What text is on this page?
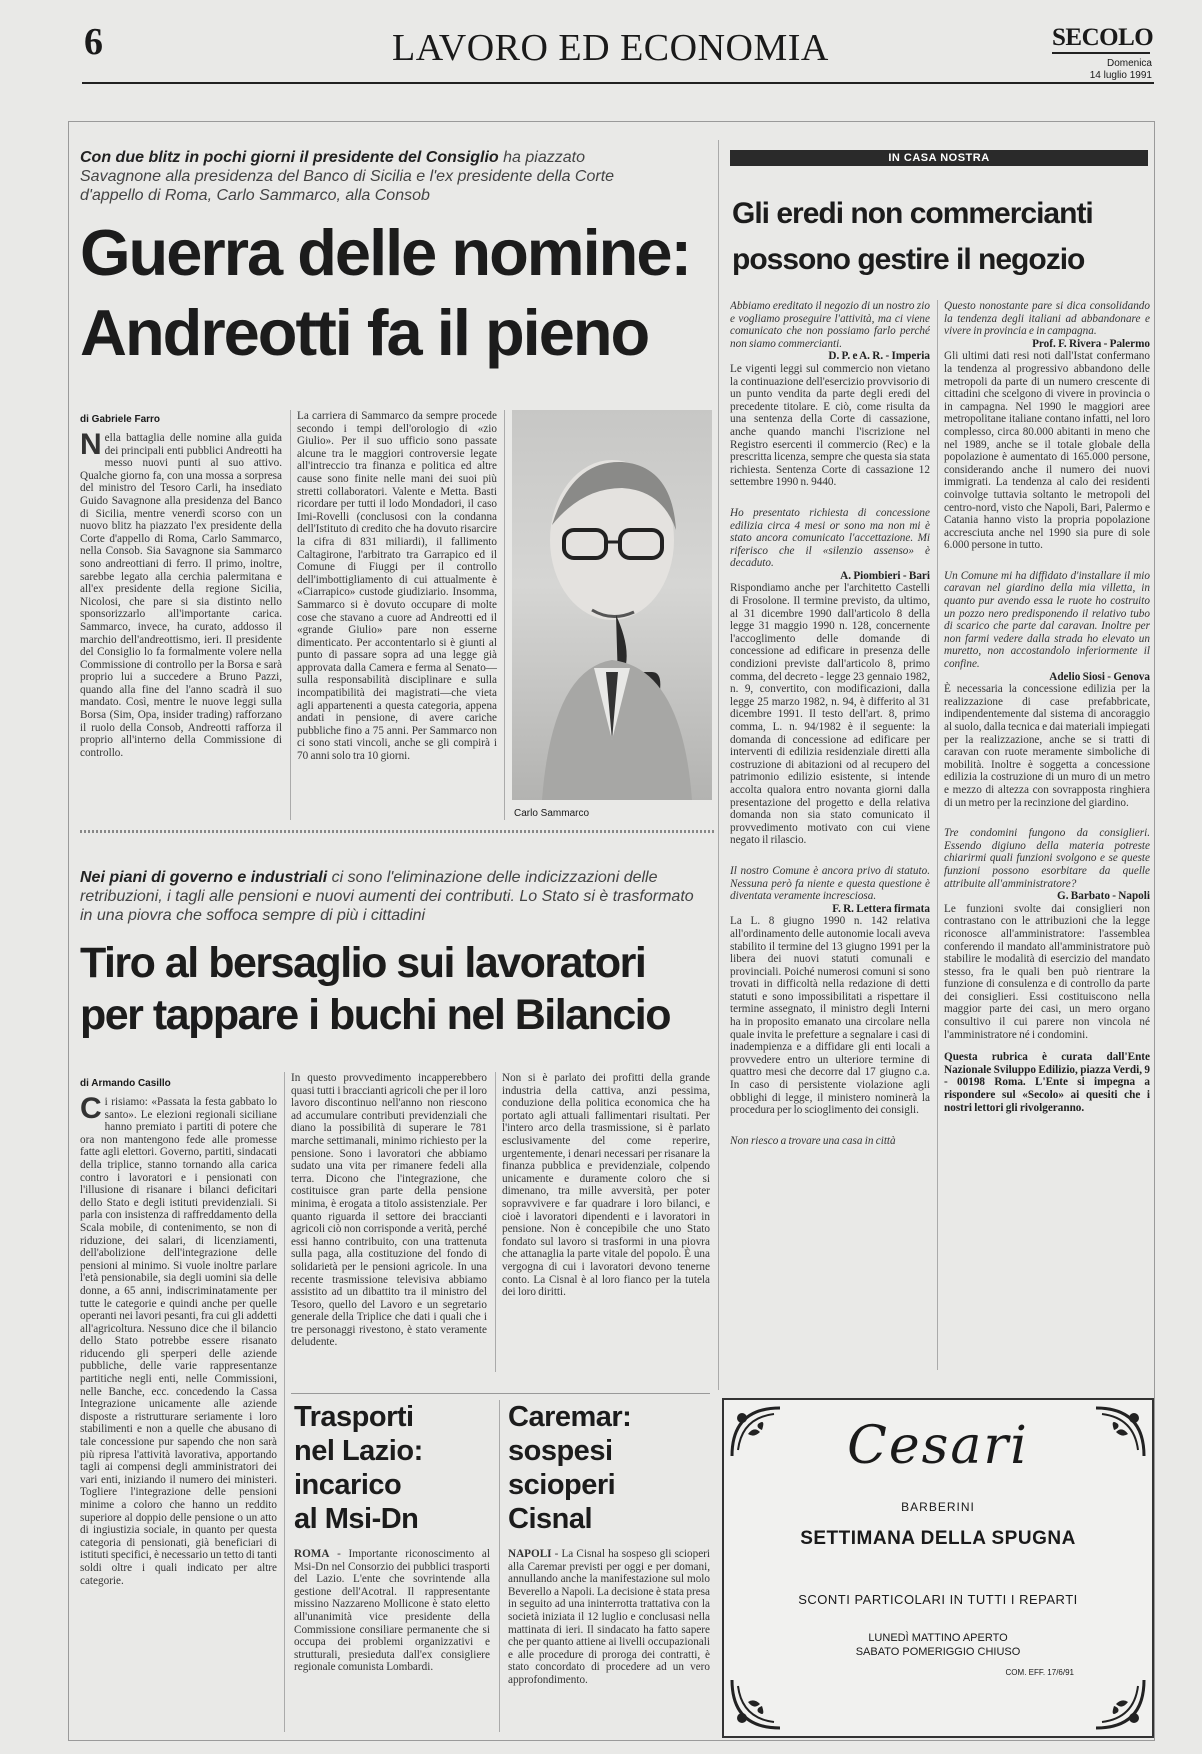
6	LAVORO ED ECONOMIA	SECOLO
Domenica
14 luglio 1991
Con due blitz in pochi giorni il presidente del Consiglio ha piazzato Savagnone alla presidenza del Banco di Sicilia e l'ex presidente della Corte d'appello di Roma, Carlo Sammarco, alla Consob
Guerra delle nomine:
Andreotti fa il pieno
di Gabriele Farro
Nella battaglia delle nomine alla guida dei principali enti pubblici Andreotti ha messo nuovi punti al suo attivo. Qualche giorno fa, con una mossa a sorpresa del ministro del Tesoro Carli, ha insediato Guido Savagnone alla presidenza del Banco di Sicilia, mentre venerdì scorso con un nuovo blitz ha piazzato l'ex presidente della Corte d'appello di Roma, Carlo Sammarco, nella Consob. Sia Savagnone sia Sammarco sono andreottiani di ferro. Il primo, inoltre, sarebbe legato alla cerchia palermitana e all'ex presidente della regione Sicilia, Nicolosi, che pare si sia distinto nello sponsorizzarlo all'importante carica. Sammarco, invece, ha curato, addosso il marchio dell'andreottismo, ieri. Il presidente del Consiglio lo fa formalmente volere nella Commissione di controllo per la Borsa e sarà proprio lui a succedere a Bruno Pazzi, quando alla fine del l'anno scadrà il suo mandato. Così, mentre le nuove leggi sulla Borsa (Sim, Opa, insider trading) rafforzano il ruolo della Consob, Andreotti rafforza il proprio all'interno della Commissione di controllo.
La carriera di Sammarco da sempre procede secondo i tempi dell'orologio di «zio Giulio». Per il suo ufficio sono passate alcune tra le maggiori controversie legate all'intreccio tra finanza e politica ed altre cause sono finite nelle mani dei suoi più stretti collaboratori. Valente e Metta. Basti ricordare per tutti il lodo Mondadori, il caso Imi-Rovelli (conclusosi con la condanna dell'Istituto di credito che ha dovuto risarcire la cifra di 831 miliardi), il fallimento Caltagirone, l'arbitrato tra Garrapico ed il Comune di Fiuggi per il controllo dell'imbottigliamento di cui attualmente è «Ciarrapico» custode giudiziario. Insomma, Sammarco si è dovuto occupare di molte cose che stavano a cuore ad Andreotti ed il «grande Giulio» pare non esserne dimenticato. Per accontentarlo si è giunti al punto di passare sopra ad una legge già approvata dalla Camera e ferma al Senato—sulla responsabilità disciplinare e sulla incompatibilità dei magistrati—che vieta agli appartenenti a questa categoria, appena andati in pensione, di avere cariche pubbliche fino a 75 anni. Per Sammarco non ci sono stati vincoli, anche se gli compirà i 70 anni solo tra 10 giorni.
Carlo Sammarco
Nei piani di governo e industriali ci sono l'eliminazione delle indicizzazioni delle retribuzioni, i tagli alle pensioni e nuovi aumenti dei contributi. Lo Stato si è trasformato in una piovra che soffoca sempre di più i cittadini
Tiro al bersaglio sui lavoratori
per tappare i buchi nel Bilancio
di Armando Casillo
Ci risiamo: «Passata la festa gabbato lo santo». Le elezioni regionali siciliane hanno premiato i partiti di potere che ora non mantengono fede alle promesse fatte agli elettori. Governo, partiti, sindacati della triplice, stanno tornando alla carica contro i lavoratori e i pensionati con l'illusione di risanare i bilanci deficitari dello Stato e degli istituti previdenziali. Si parla con insistenza di raffreddamento della Scala mobile, di contenimento, se non di riduzione, dei salari, di licenziamenti, dell'abolizione dell'integrazione delle pensioni al minimo. Si vuole inoltre parlare l'età pensionabile, sia degli uomini sia delle donne, a 65 anni, indiscriminatamente per tutte le categorie e quindi anche per quelle operanti nei lavori pesanti, fra cui gli addetti all'agricoltura. Nessuno dice che il bilancio dello Stato potrebbe essere risanato riducendo gli sperperi delle aziende pubbliche, delle varie rappresentanze partitiche negli enti, nelle Commissioni, nelle Banche, ecc. concedendo la Cassa Integrazione unicamente alle aziende disposte a ristrutturare seriamente i loro stabilimenti e non a quelle che abusano di tale concessione pur sapendo che non sarà più ripresa l'attività lavorativa, apportando tagli ai compensi degli amministratori dei vari enti, iniziando il numero dei ministeri. Togliere l'integrazione delle pensioni minime a coloro che hanno un reddito superiore al doppio delle pensione o un atto di ingiustizia sociale, in quanto per questa categoria di pensionati, già beneficiari di istituti specifici, è necessario un tetto di tanti soldi oltre i quali indicato per altre categorie.
In questo provvedimento incapperebbero quasi tutti i braccianti agricoli che per il loro lavoro discontinuo nell'anno non riescono ad accumulare contributi previdenziali che diano la possibilità di superare le 781 marche settimanali, minimo richiesto per la pensione. Sono i lavoratori che abbiamo sudato una vita per rimanere fedeli alla terra. Dicono che l'integrazione, che costituisce gran parte della pensione minima, è erogata a titolo assistenziale. Per quanto riguarda il settore dei braccianti agricoli ciò non corrisponde a verità, perché essi hanno contribuito, con una trattenuta sulla paga, alla costituzione del fondo di solidarietà per le pensioni agricole. In una recente trasmissione televisiva abbiamo assistito ad un dibattito tra il ministro del Tesoro, quello del Lavoro e un segretario generale della Triplice che dati i quali che i tre personaggi rivestono, è stato veramente deludente.
Non si è parlato dei profitti della grande industria della cattiva, anzi pessima, conduzione della politica economica che ha portato agli attuali fallimentari risultati. Per l'intero arco della trasmissione, si è parlato esclusivamente del come reperire, urgentemente, i denari necessari per risanare la finanza pubblica e previdenziale, colpendo unicamente e duramente coloro che si dimenano, tra mille avversità, per poter sopravvivere e far quadrare i loro bilanci, e cioè i lavoratori dipendenti e i lavoratori in pensione. Non è concepibile che uno Stato fondato sul lavoro si trasformi in una piovra che attanaglia la parte vitale del popolo. È una vergogna di cui i lavoratori devono tenerne conto. La Cisnal è al loro fianco per la tutela dei loro diritti.
Trasporti
nel Lazio:
incarico
al Msi-Dn
ROMA - Importante riconoscimento al Msi-Dn nel Consorzio dei pubblici trasporti del Lazio. L'ente che sovrintende alla gestione dell'Acotral. Il rappresentante missino Nazzareno Mollicone è stato eletto all'unanimità vice presidente della Commissione consiliare permanente che si occupa dei problemi organizzativi e strutturali, presieduta dall'ex consigliere regionale comunista Lombardi.
Caremar:
sospesi
scioperi
Cisnal
NAPOLI - La Cisnal ha sospeso gli scioperi alla Caremar previsti per oggi e per domani, annullando anche la manifestazione sul molo Beverello a Napoli. La decisione è stata presa in seguito ad una ininterrotta trattativa con la società iniziata il 12 luglio e conclusasi nella mattinata di ieri. Il sindacato ha fatto sapere che per quanto attiene ai livelli occupazionali e alle procedure di proroga dei contratti, è stato concordato di procedere ad un vero approfondimento.
IN CASA NOSTRA
Gli eredi non commercianti
possono gestire il negozio
Abbiamo ereditato il negozio di un nostro zio e vogliamo proseguire l'attività, ma ci viene comunicato che non possiamo farlo perché non siamo commercianti.
D. P. e A. R. - Imperia
Le vigenti leggi sul commercio non vietano la continuazione dell'esercizio provvisorio di un punto vendita da parte degli eredi del precedente titolare. E ciò, come risulta da una sentenza della Corte di cassazione, anche quando manchi l'iscrizione nel Registro esercenti il commercio (Rec) e la prescritta licenza, sempre che questa sia stata richiesta. Sentenza Corte di cassazione 12 settembre 1990 n. 9440.
Ho presentato richiesta di concessione edilizia circa 4 mesi or sono ma non mi è stato ancora comunicato l'accettazione. Mi riferisco che il «silenzio assenso» è decaduto.
A. Piombieri - Bari
Rispondiamo anche per l'architetto Castelli di Frosolone. Il termine previsto, da ultimo, al 31 dicembre 1990 dall'articolo 8 della legge 31 maggio 1990 n. 128, concernente l'accoglimento delle domande di concessione ad edificare in presenza delle condizioni previste dall'articolo 8, primo comma, del decreto - legge 23 gennaio 1982, n. 9, convertito, con modificazioni, dalla legge 25 marzo 1982, n. 94, è differito al 31 dicembre 1991. Il testo dell'art. 8, primo comma, L. n. 94/1982 è il seguente: la domanda di concessione ad edificare per interventi di edilizia residenziale diretti alla costruzione di abitazioni od al recupero del patrimonio edilizio esistente, si intende accolta qualora entro novanta giorni dalla presentazione del progetto e della relativa domanda non sia stato comunicato il provvedimento motivato con cui viene negato il rilascio.
Il nostro Comune è ancora privo di statuto. Nessuna però fa niente e questa questione è diventata veramente incresciosa.
F. R. Lettera firmata
La L. 8 giugno 1990 n. 142 relativa all'ordinamento delle autonomie locali aveva stabilito il termine del 13 giugno 1991 per la libera dei nuovi statuti comunali e provinciali. Poiché numerosi comuni si sono trovati in difficoltà nella redazione di detti statuti e sono impossibilitati a rispettare il termine assegnato, il ministro degli Interni ha in proposito emanato una circolare nella quale invita le prefetture a segnalare i casi di inadempienza e a diffidare gli enti locali a provvedere entro un ulteriore termine di quattro mesi che decorre dal 17 giugno c.a. In caso di persistente violazione agli obblighi di legge, il ministero nominerà la procedura per lo scioglimento dei consigli.
Non riesco a trovare una casa in città
Questo nonostante pare si dica consolidando la tendenza degli italiani ad abbandonare e vivere in provincia e in campagna.
Prof. F. Rivera - Palermo
Gli ultimi dati resi noti dall'Istat confermano la tendenza al progressivo abbandono delle metropoli da parte di un numero crescente di cittadini che scelgono di vivere in provincia o in campagna. Nel 1990 le maggiori aree metropolitane italiane contano infatti, nel loro complesso, circa 80.000 abitanti in meno che nel 1989, anche se il totale globale della popolazione è aumentato di 165.000 persone, considerando anche il numero dei nuovi immigrati. La tendenza al calo dei residenti coinvolge tuttavia soltanto le metropoli del centro-nord, visto che Napoli, Bari, Palermo e Catania hanno visto la propria popolazione accresciuta anche nel 1990 sia pure di sole 6.000 persone in tutto.
Un Comune mi ha diffidato d'installare il mio caravan nel giardino della mia villetta, in quanto pur avendo essa le ruote ho costruito un pozzo nero predisponendo il relativo tubo di scarico che parte dal caravan. Inoltre per non farmi vedere dalla strada ho elevato un muretto, non accostandolo inferiormente il confine.
Adelio Siosi - Genova
È necessaria la concessione edilizia per la realizzazione di case prefabbricate, indipendentemente dal sistema di ancoraggio al suolo, dalla tecnica e dai materiali impiegati per la realizzazione, anche se si tratti di caravan con ruote meramente simboliche di mobilità. Inoltre è soggetta a concessione edilizia la costruzione di un muro di un metro e mezzo di altezza con sovrapposta ringhiera di un metro per la recinzione del giardino.
Tre condomini fungono da consiglieri. Essendo digiuno della materia potreste chiarirmi quali funzioni svolgono e se queste funzioni possono esorbitare da quelle attribuite all'amministratore?
G. Barbato - Napoli
Le funzioni svolte dai consiglieri non contrastano con le attribuzioni che la legge riconosce all'amministratore: l'assemblea conferendo il mandato all'amministratore può stabilire le modalità di esercizio del mandato stesso, fra le quali ben può rientrare la funzione di consulenza e di controllo da parte dei consiglieri. Essi costituiscono nella maggior parte dei casi, un mero organo consultivo il cui parere non vincola né l'amministratore né i condomini.
Questa rubrica è curata dall'Ente Nazionale Sviluppo Edilizio, piazza Verdi, 9 - 00198 Roma. L'Ente si impegna a rispondere sul «Secolo» ai quesiti che i nostri lettori gli rivolgeranno.
Cesari
BARBERINI
SETTIMANA DELLA SPUGNA
SCONTI PARTICOLARI IN TUTTI I REPARTI
LUNEDÌ MATTINO APERTO
SABATO POMERIGGIO CHIUSO
COM. EFF. 17/6/91
